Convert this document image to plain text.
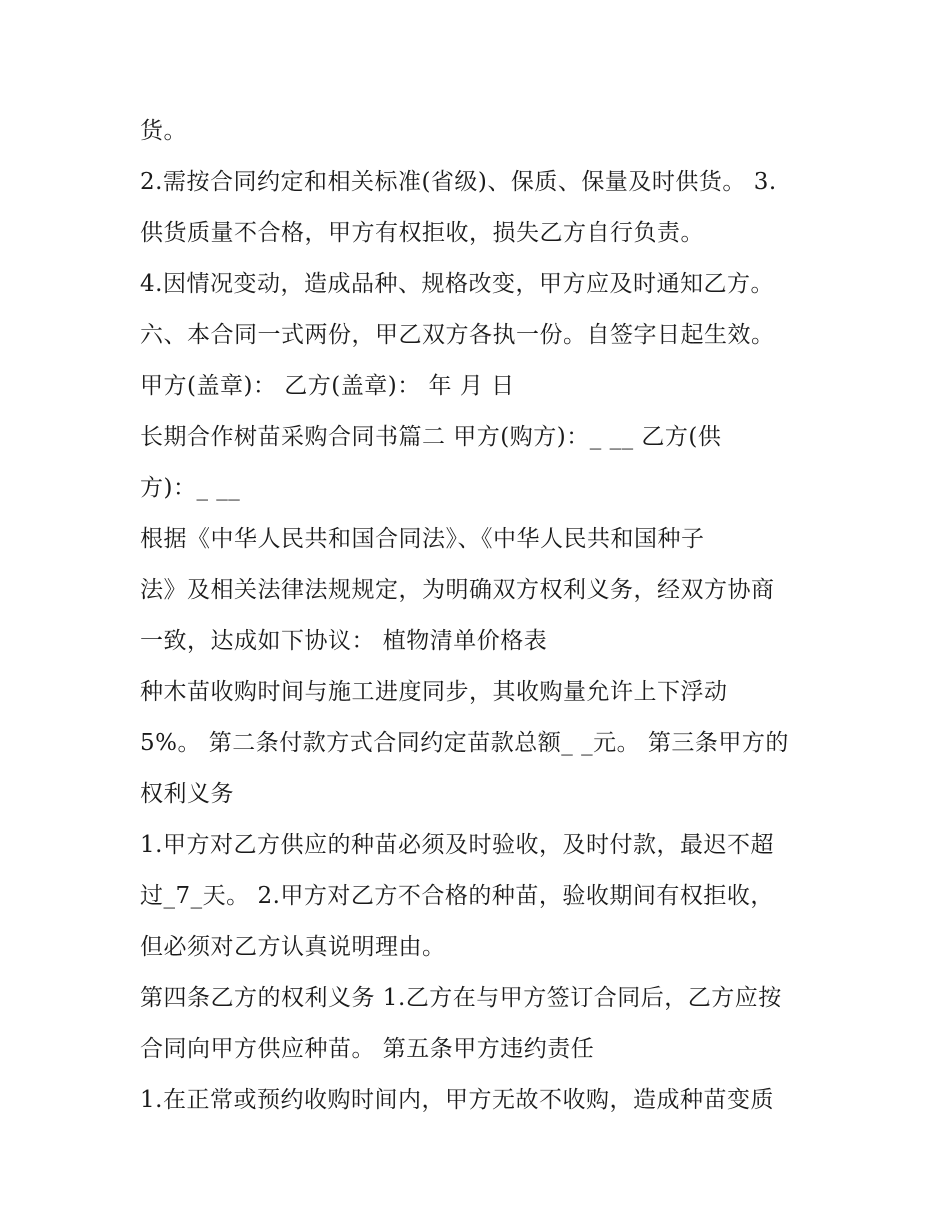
货。
2.需按合同约定和相关标准(省级)、保质、保量及时供货。 3.
供货质量不合格，甲方有权拒收，损失乙方自行负责。
4.因情况变动，造成品种、规格改变，甲方应及时通知乙方。
六、本合同一式两份，甲乙双方各执一份。自签字日起生效。
甲方(盖章)： 乙方(盖章)： 年 月 日
长期合作树苗采购合同书篇二 甲方(购方)：_ __ 乙方(供
方)：_ __
根据《中华人民共和国合同法》、《中华人民共和国种子
法》及相关法律法规规定，为明确双方权利义务，经双方协商
一致，达成如下协议： 植物清单价格表
种木苗收购时间与施工进度同步，其收购量允许上下浮动
5%。 第二条付款方式合同约定苗款总额_ _元。 第三条甲方的
权利义务
1.甲方对乙方供应的种苗必须及时验收，及时付款，最迟不超
过_7_天。 2.甲方对乙方不合格的种苗，验收期间有权拒收，
但必须对乙方认真说明理由。
第四条乙方的权利义务 1.乙方在与甲方签订合同后，乙方应按
合同向甲方供应种苗。 第五条甲方违约责任
1.在正常或预约收购时间内，甲方无故不收购，造成种苗变质
